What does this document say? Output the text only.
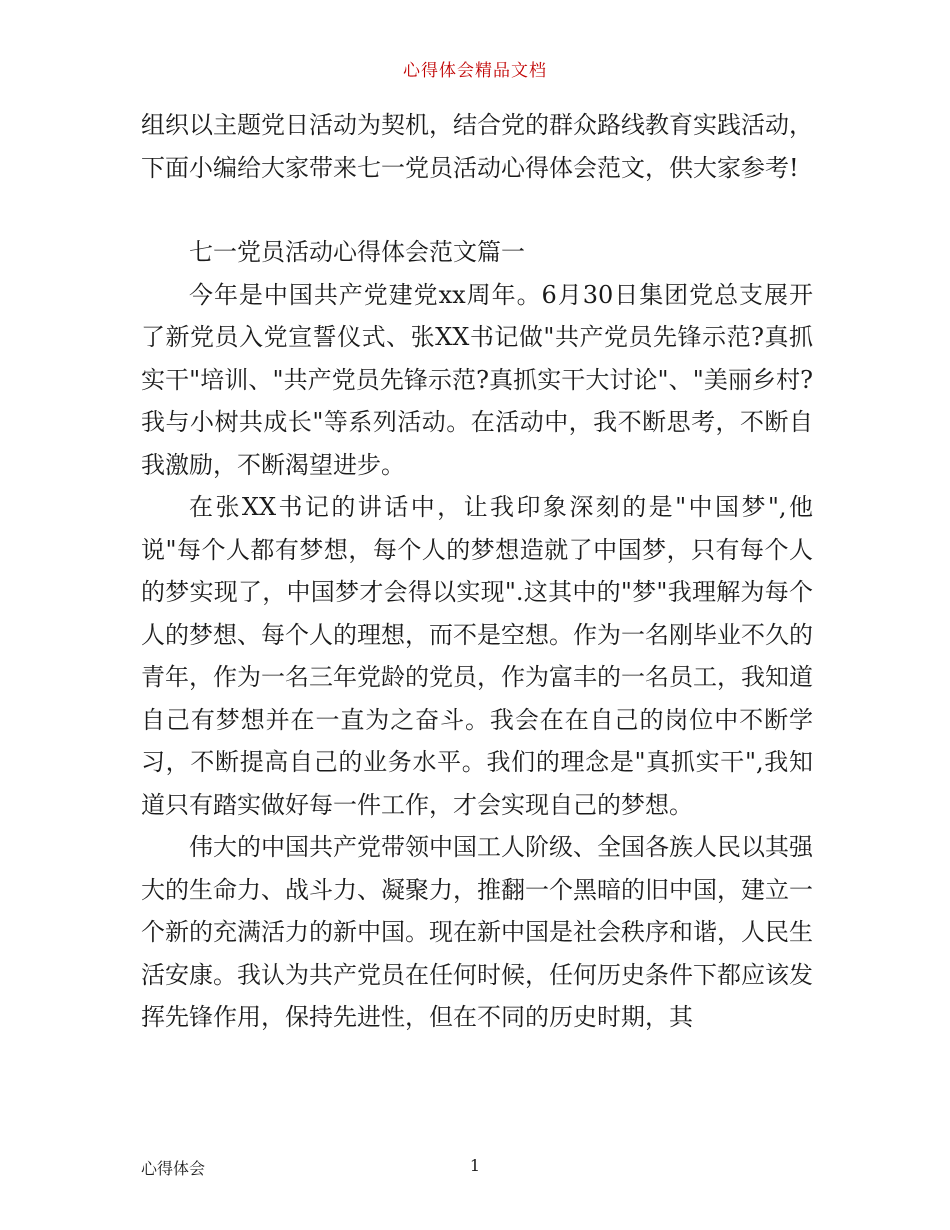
心得体会精品文档

组织以主题党日活动为契机，结合党的群众路线教育实践活动，下面小编给大家带来七一党员活动心得体会范文，供大家参考!

七一党员活动心得体会范文篇一

今年是中国共产党建党xx周年。6月30日集团党总支展开了新党员入党宣誓仪式、张XX书记做"共产党员先锋示范?真抓实干"培训、"共产党员先锋示范?真抓实干大讨论"、"美丽乡村?我与小树共成长"等系列活动。在活动中，我不断思考，不断自我激励，不断渴望进步。

在张XX书记的讲话中，让我印象深刻的是"中国梦",他说"每个人都有梦想，每个人的梦想造就了中国梦，只有每个人的梦实现了，中国梦才会得以实现".这其中的"梦"我理解为每个人的梦想、每个人的理想，而不是空想。作为一名刚毕业不久的青年，作为一名三年党龄的党员，作为富丰的一名员工，我知道自己有梦想并在一直为之奋斗。我会在在自己的岗位中不断学习，不断提高自己的业务水平。我们的理念是"真抓实干",我知道只有踏实做好每一件工作，才会实现自己的梦想。

伟大的中国共产党带领中国工人阶级、全国各族人民以其强大的生命力、战斗力、凝聚力，推翻一个黑暗的旧中国，建立一个新的充满活力的新中国。现在新中国是社会秩序和谐，人民生活安康。我认为共产党员在任何时候，任何历史条件下都应该发挥先锋作用，保持先进性，但在不同的历史时期，其

心得体会	1
